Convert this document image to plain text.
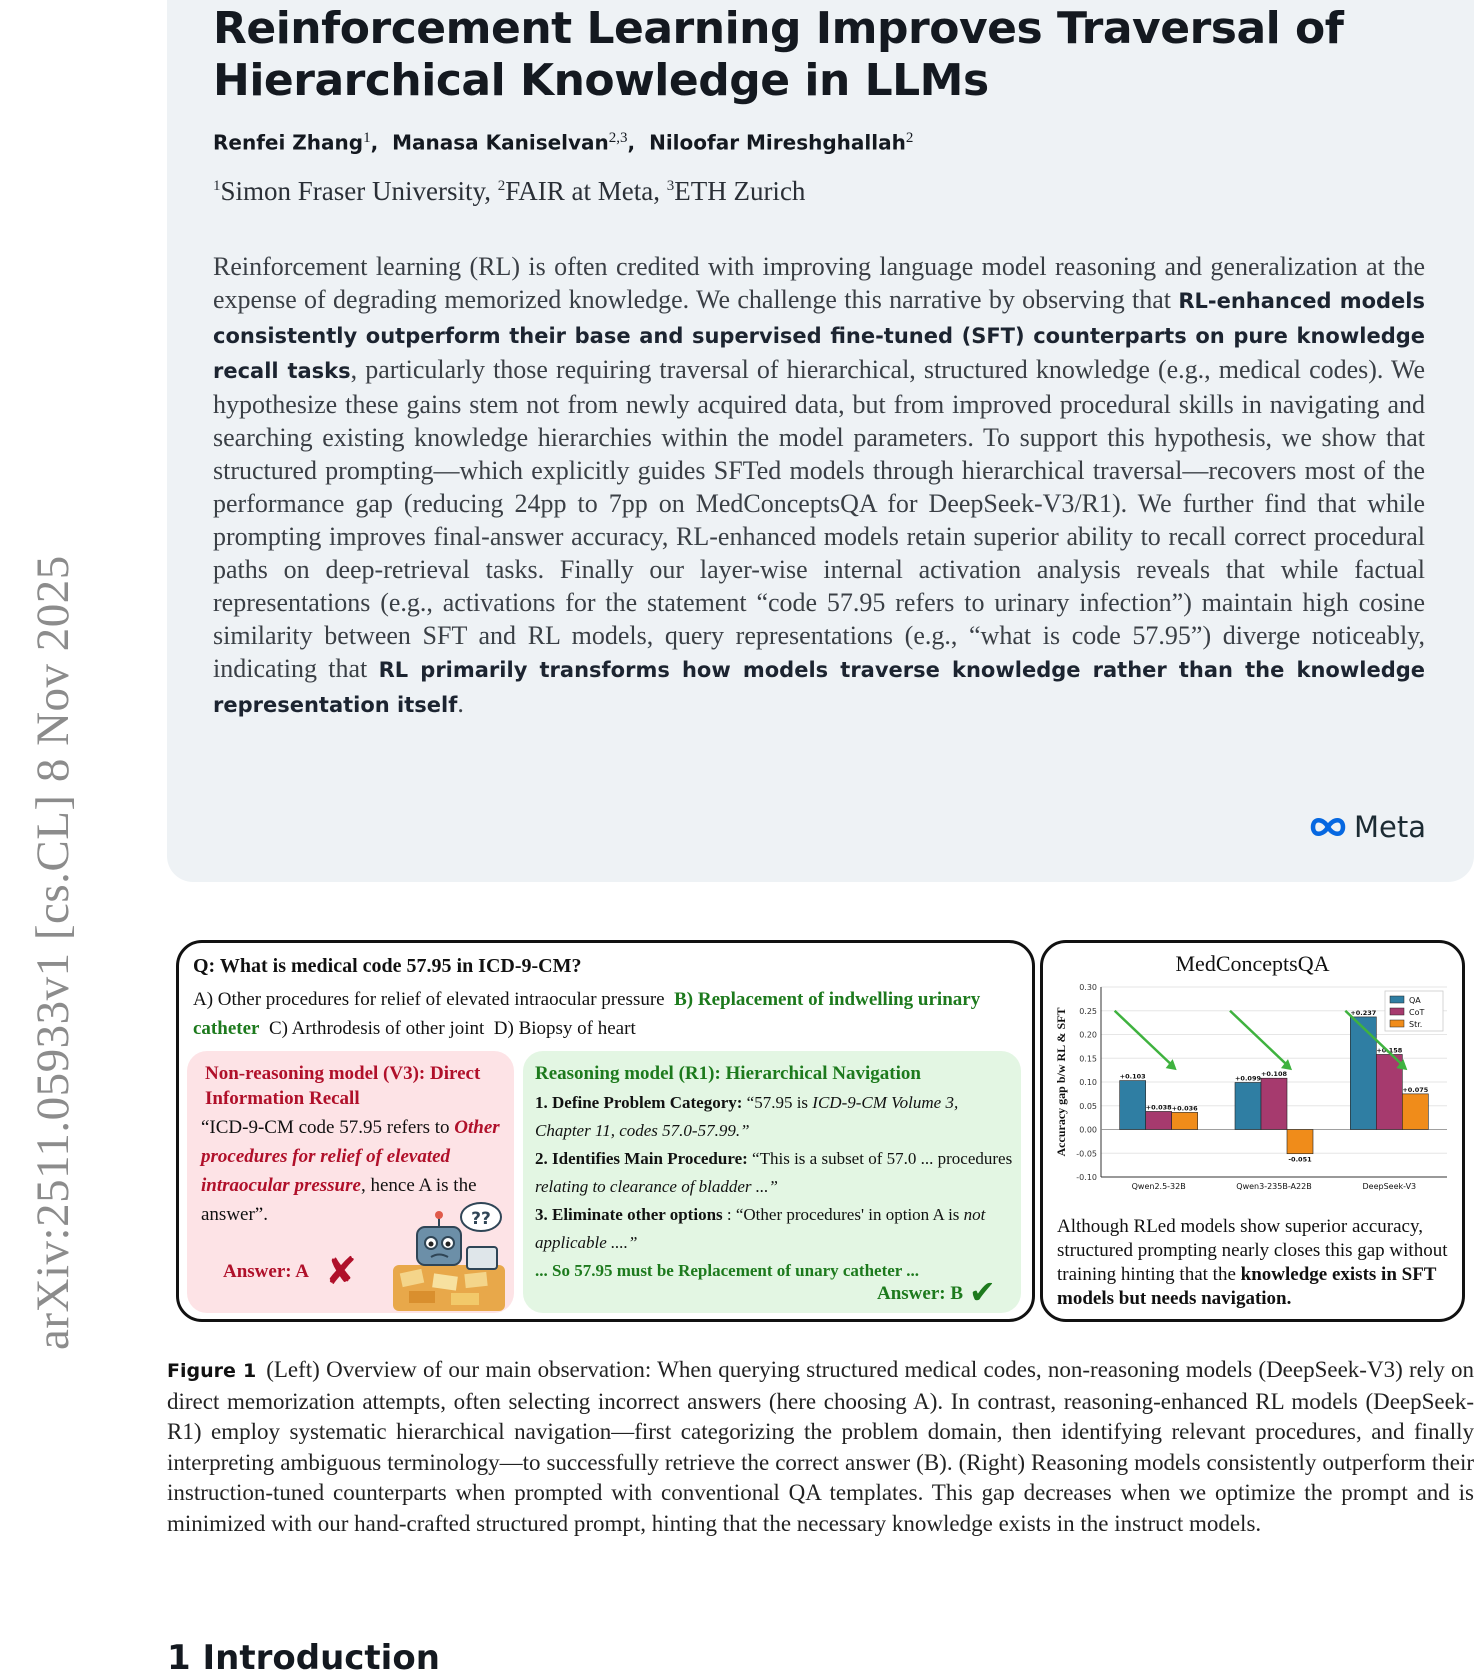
arXiv:2511.05933v1 [cs.CL] 8 Nov 2025
Reinforcement Learning Improves Traversal of Hierarchical Knowledge in LLMs
Renfei Zhang$^1$,  Manasa Kaniselvan$^{2,3}$,  Niloofar Mireshghallah$^2$
$^1$Simon Fraser University, $^2$FAIR at Meta, $^3$ETH Zurich

Reinforcement learning (RL) is often credited with improving language model reasoning and generalization at the expense of degrading memorized knowledge. We challenge this narrative by observing that RL-enhanced models consistently outperform their base and supervised fine-tuned (SFT) counterparts on pure knowledge recall tasks, particularly those requiring traversal of hierarchical, structured knowledge (e.g., medical codes). We hypothesize these gains stem not from newly acquired data, but from improved procedural skills in navigating and searching existing knowledge hierarchies within the model parameters. To support this hypothesis, we show that structured prompting—which explicitly guides SFTed models through hierarchical traversal—recovers most of the performance gap (reducing 24pp to 7pp on MedConceptsQA for DeepSeek-V3/R1). We further find that while prompting improves final-answer accuracy, RL-enhanced models retain superior ability to recall correct procedural paths on deep-retrieval tasks. Finally our layer-wise internal activation analysis reveals that while factual representations (e.g., activations for the statement “code 57.95 refers to urinary infection”) maintain high cosine similarity between SFT and RL models, query representations (e.g., “what is code 57.95”) diverge noticeably, indicating that RL primarily transforms how models traverse knowledge rather than the knowledge representation itself.

Meta
Q: What is medical code 57.95 in ICD-9-CM?
A) Other procedures for relief of elevated intraocular pressure B) Replacement of indwelling urinary catheter C) Arthrodesis of other joint D) Biopsy of heart
Non-reasoning model (V3): Direct Information Recall
“ICD-9-CM code 57.95 refers to Other procedures for relief of elevated intraocular pressure, hence A is the answer”.
Answer: A ✘
??
Reasoning model (R1): Hierarchical Navigation
1. Define Problem Category: “57.95 is ICD-9-CM Volume 3, Chapter 11, codes 57.0-57.99.”
2. Identifies Main Procedure: “This is a subset of 57.0 ... procedures relating to clearance of bladder ...”
3. Eliminate other options : “Other procedures' in option A is not applicable ....”
... So 57.95 must be Replacement of unary catheter ...
Answer: B ✔
MedConceptsQA
-0.10
-0.05
0.00
0.05
0.10
0.15
0.20
0.25
0.30
Accuracy gap b/w RL & SFT	+0.103
+0.038 +0.036
Qwen2.5-32B
+0.099
+0.108
-0.051
Qwen3-235B-A22B
+0.237
+0.158
+0.075
DeepSeek-V3
QA
CoT
Str.
Although RLed models show superior accuracy, structured prompting nearly closes this gap without training hinting that the knowledge exists in SFT models but needs navigation.

Figure 1 (Left) Overview of our main observation: When querying structured medical codes, non-reasoning models (DeepSeek-V3) rely on direct memorization attempts, often selecting incorrect answers (here choosing A). In contrast, reasoning-enhanced RL models (DeepSeek-R1) employ systematic hierarchical navigation—first categorizing the problem domain, then identifying relevant procedures, and finally interpreting ambiguous terminology—to successfully retrieve the correct answer (B). (Right) Reasoning models consistently outperform their instruction-tuned counterparts when prompted with conventional QA templates. This gap decreases when we optimize the prompt and is minimized with our hand-crafted structured prompt, hinting that the necessary knowledge exists in the instruct models.

1 Introduction
